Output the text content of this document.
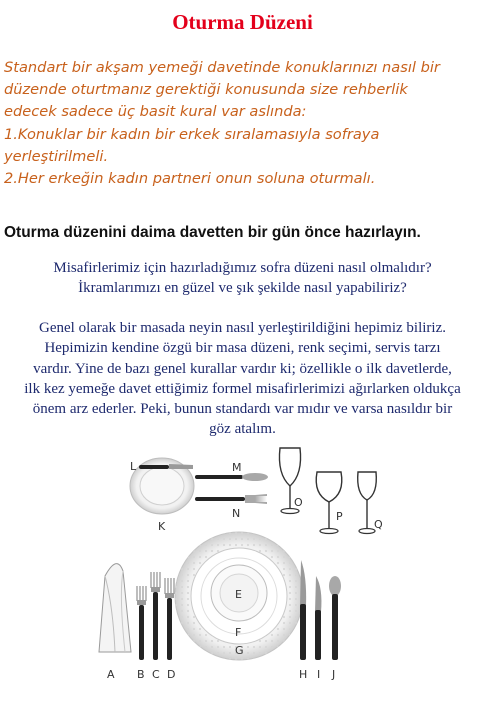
Oturma Düzeni
Standart bir akşam yemeği davetinde konuklarınızı nasıl bir
düzende oturtmanız gerektiği konusunda size rehberlik
edecek sadece üç basit kural var aslında:
1.Konuklar bir kadın bir erkek sıralamasıyla sofraya
yerleştirilmeli.
2.Her erkeğin kadın partneri onun soluna oturmalı.
Oturma düzenini daima davetten bir gün önce hazırlayın.
Misafirlerimiz için hazırladığımız sofra düzeni nasıl olmalıdır?
İkramlarımızı en güzel ve şık şekilde nasıl yapabiliriz?
Genel olarak bir masada neyin nasıl yerleştirildiğini hepimiz biliriz.
Hepimizin kendine özgü bir masa düzeni, renk seçimi, servis tarzı
vardır. Yine de bazı genel kurallar vardır ki; özellikle o ilk davetlerde,
ilk kez yemeğe davet ettiğimiz formel misafirlerimizi ağırlarken oldukça
önem arz ederler. Peki, bunun standardı var mıdır ve varsa nasıldır bir
göz atalım.
L
K
M
N
O
P
Q
A B C D
E
F
G
H I J
